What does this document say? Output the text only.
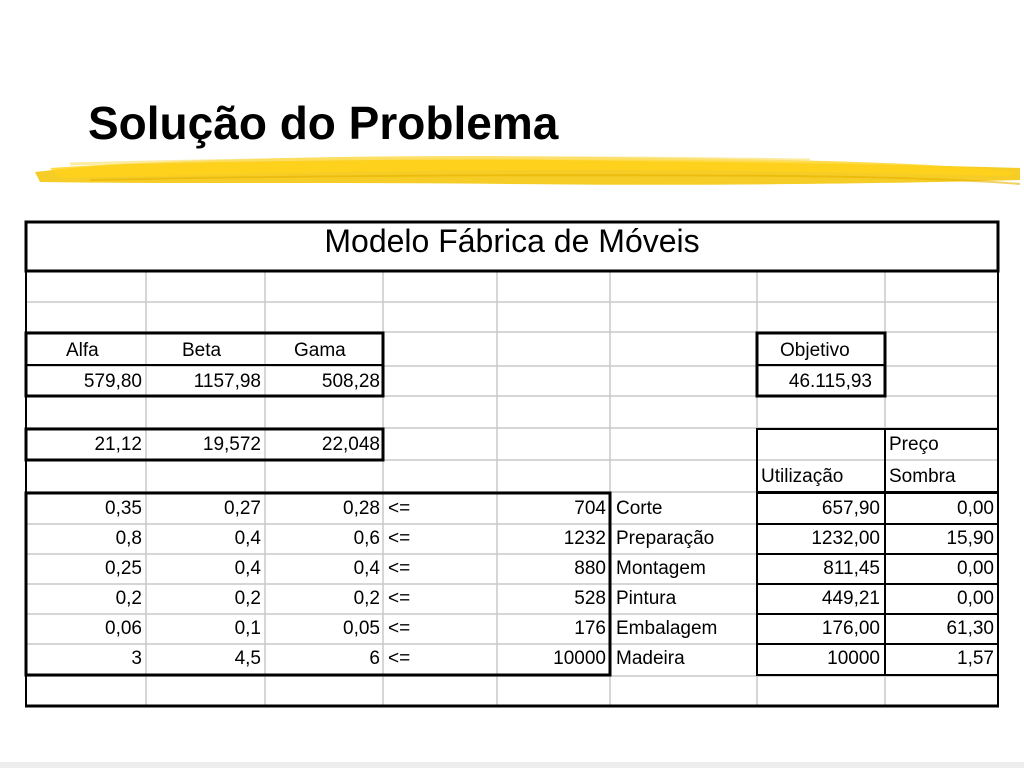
Solução do Problema
Modelo Fábrica de Móveis
Alfa	Beta	Gama
579,80	1157,98	508,28
Objetivo
46.115,93
21,12	19,572	22,048
Utilização
Preço
Sombra
0,35	0,27	0,28 <=	704 Corte	657,90	0,00
0,8	0,4	0,6 <=	1232 Preparação	1232,00	15,90
0,25	0,4	0,4 <=	880 Montagem	811,45	0,00
0,2	0,2	0,2 <=	528 Pintura	449,21	0,00
0,06	0,1	0,05 <=	176 Embalagem	176,00	61,30
3	4,5	6 <=	10000 Madeira	10000	1,57
